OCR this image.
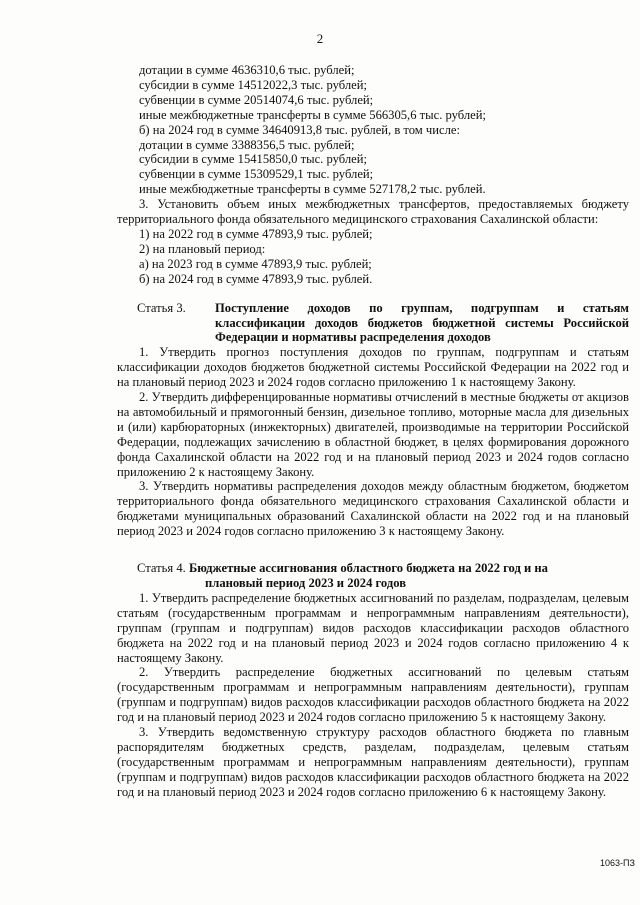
2
дотации в сумме 4636310,6 тыс. рублей;
субсидии в сумме 14512022,3 тыс. рублей;
субвенции в сумме 20514074,6 тыс. рублей;
иные межбюджетные трансферты в сумме 566305,6 тыс. рублей;
б) на 2024 год в сумме 34640913,8 тыс. рублей, в том числе:
дотации в сумме 3388356,5 тыс. рублей;
субсидии в сумме 15415850,0 тыс. рублей;
субвенции в сумме 15309529,1 тыс. рублей;
иные межбюджетные трансферты в сумме 527178,2 тыс. рублей.

3. Установить объем иных межбюджетных трансфертов, предоставляемых бюджету территориального фонда обязательного медицинского страхования Сахалинской области:

1) на 2022 год в сумме 47893,9 тыс. рублей;
2) на плановый период:
а) на 2023 год в сумме 47893,9 тыс. рублей;
б) на 2024 год в сумме 47893,9 тыс. рублей.
Статья 3.	Поступление доходов по группам, подгруппам и статьям классификации доходов бюджетов бюджетной системы Российской Федерации и нормативы распределения доходов

1. Утвердить прогноз поступления доходов по группам, подгруппам и статьям классификации доходов бюджетов бюджетной системы Российской Федерации на 2022 год и на плановый период 2023 и 2024 годов согласно приложению 1 к настоящему Закону.

2. Утвердить дифференцированные нормативы отчислений в местные бюджеты от акцизов на автомобильный и прямогонный бензин, дизельное топливо, моторные масла для дизельных и (или) карбюраторных (инжекторных) двигателей, производимые на территории Российской Федерации, подлежащих зачислению в областной бюджет, в целях формирования дорожного фонда Сахалинской области на 2022 год и на плановый период 2023 и 2024 годов согласно приложению 2 к настоящему Закону.

3. Утвердить нормативы распределения доходов между областным бюджетом, бюджетом территориального фонда обязательного медицинского страхования Сахалинской области и бюджетами муниципальных образований Сахалинской области на 2022 год и на плановый период 2023 и 2024 годов согласно приложению 3 к настоящему Закону.

Статья 4. Бюджетные ассигнования областного бюджета на 2022 год и на
плановый период 2023 и 2024 годов

1. Утвердить распределение бюджетных ассигнований по разделам, подразделам, целевым статьям (государственным программам и непрограммным направлениям деятельности), группам (группам и подгруппам) видов расходов классификации расходов областного бюджета на 2022 год и на плановый период 2023 и 2024 годов согласно приложению 4 к настоящему Закону.

2. Утвердить распределение бюджетных ассигнований по целевым статьям (государственным программам и непрограммным направлениям деятельности), группам (группам и подгруппам) видов расходов классификации расходов областного бюджета на 2022 год и на плановый период 2023 и 2024 годов согласно приложению 5 к настоящему Закону.

3. Утвердить ведомственную структуру расходов областного бюджета по главным распорядителям бюджетных средств, разделам, подразделам, целевым статьям (государственным программам и непрограммным направлениям деятельности), группам (группам и подгруппам) видов расходов классификации расходов областного бюджета на 2022 год и на плановый период 2023 и 2024 годов согласно приложению 6 к настоящему Закону.

1063-ПЗ
